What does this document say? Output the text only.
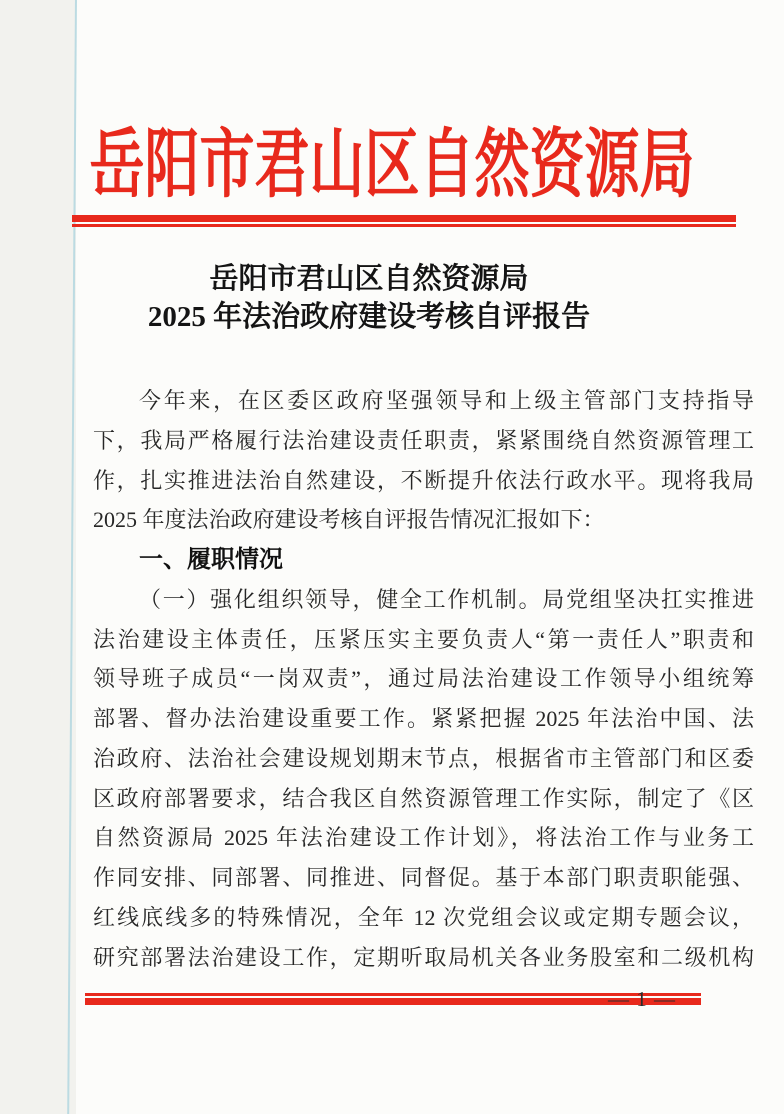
岳阳市君山区自然资源局
岳阳市君山区自然资源局
2025 年法治政府建设考核自评报告
今年来，在区委区政府坚强领导和上级主管部门支持指导
下，我局严格履行法治建设责任职责，紧紧围绕自然资源管理工
作，扎实推进法治自然建设，不断提升依法行政水平。现将我局
2025 年度法治政府建设考核自评报告情况汇报如下：
一、履职情况
（一）强化组织领导，健全工作机制。局党组坚决扛实推进
法治建设主体责任，压紧压实主要负责人“第一责任人”职责和
领导班子成员“一岗双责”，通过局法治建设工作领导小组统筹
部署、督办法治建设重要工作。紧紧把握 2025 年法治中国、法
治政府、法治社会建设规划期末节点，根据省市主管部门和区委
区政府部署要求，结合我区自然资源管理工作实际，制定了《区
自然资源局 2025 年法治建设工作计划》，将法治工作与业务工
作同安排、同部署、同推进、同督促。基于本部门职责职能强、
红线底线多的特殊情况，全年 12 次党组会议或定期专题会议，
研究部署法治建设工作，定期听取局机关各业务股室和二级机构
— 1 —
